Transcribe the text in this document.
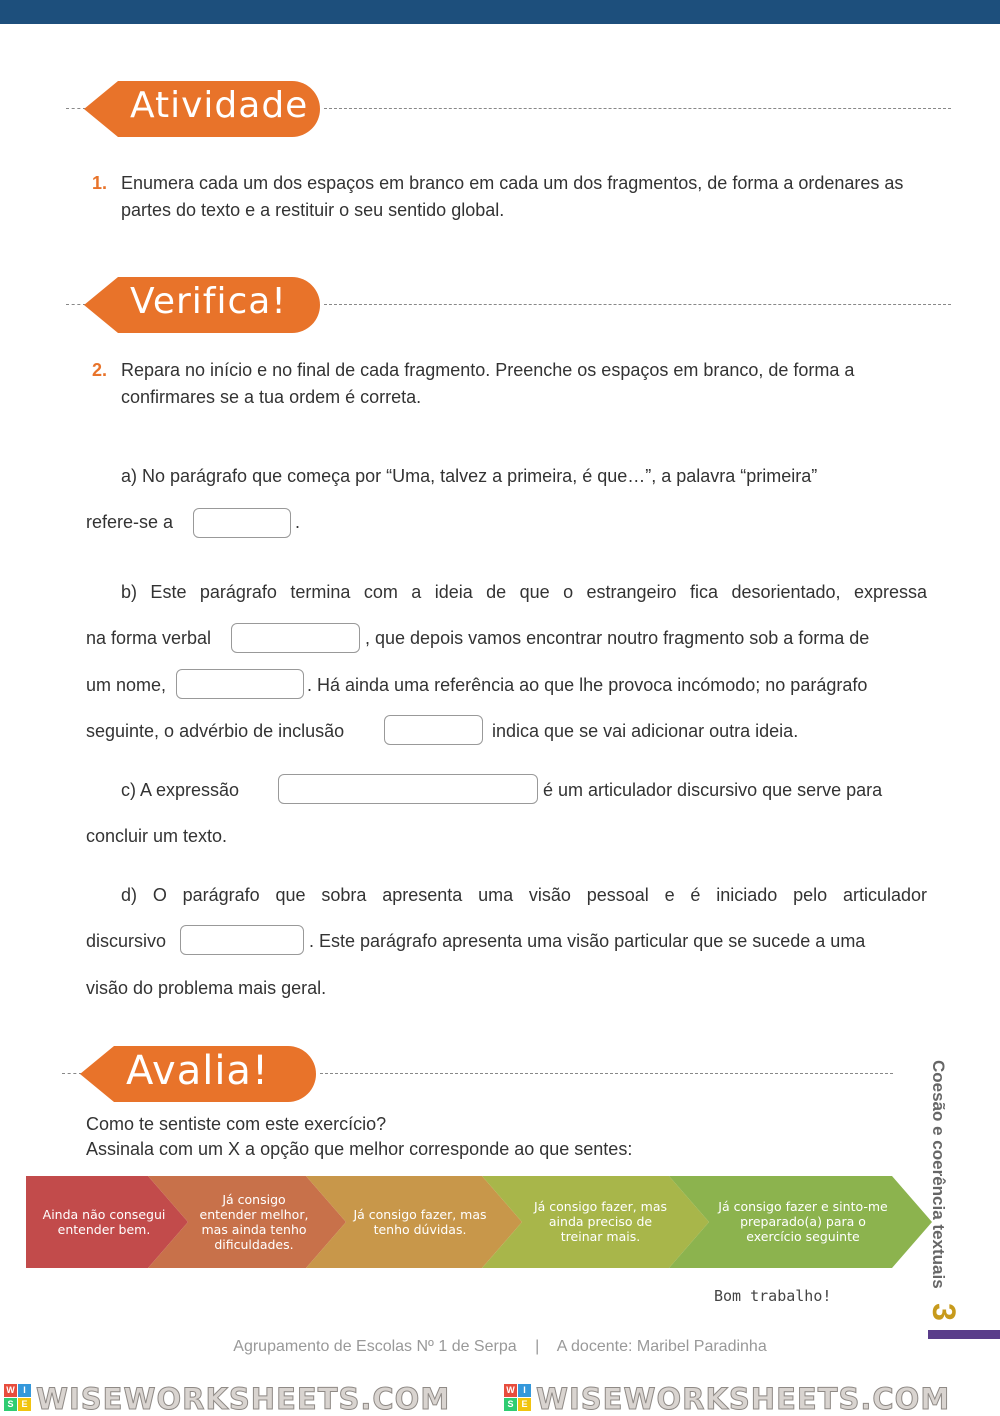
Atividade
1. Enumera cada um dos espaços em branco em cada um dos fragmentos, de forma a ordenares as partes do texto e a restituir o seu sentido global.
Verifica!
2. Repara no início e no final de cada fragmento. Preenche os espaços em branco, de forma a confirmares se a tua ordem é correta.
a) No parágrafo que começa por “Uma, talvez a primeira, é que…”, a palavra “primeira”
refere-se a	.
b) Este parágrafo termina com a ideia de que o estrangeiro fica desorientado, expressa
na forma verbal	, que depois vamos encontrar noutro fragmento sob a forma de
um nome,	. Há ainda uma referência ao que lhe provoca incómodo; no parágrafo
seguinte, o advérbio de inclusão	indica que se vai adicionar outra ideia.
c) A expressão	é um articulador discursivo que serve para
concluir um texto.
d) O parágrafo que sobra apresenta uma visão pessoal e é iniciado pelo articulador
discursivo	. Este parágrafo apresenta uma visão particular que se sucede a uma
visão do problema mais geral.
Avalia!
Como te sentiste com este exercício?
Assinala com um X a opção que melhor corresponde ao que sentes:
Ainda não consegui entender bem.
Já consigo entender melhor, mas ainda tenho dificuldades.
Já consigo fazer, mas tenho dúvidas.
Já consigo fazer, mas ainda preciso de treinar mais.
Já consigo fazer e sinto-me preparado(a) para o exercício seguinte
Bom trabalho!
Coesão e coerência textuais
3
Agrupamento de Escolas Nº 1 de Serpa | A docente: Maribel Paradinha
W I
S E WISEWORKSHEETS.COM	W I
S E WISEWORKSHEETS.COM
